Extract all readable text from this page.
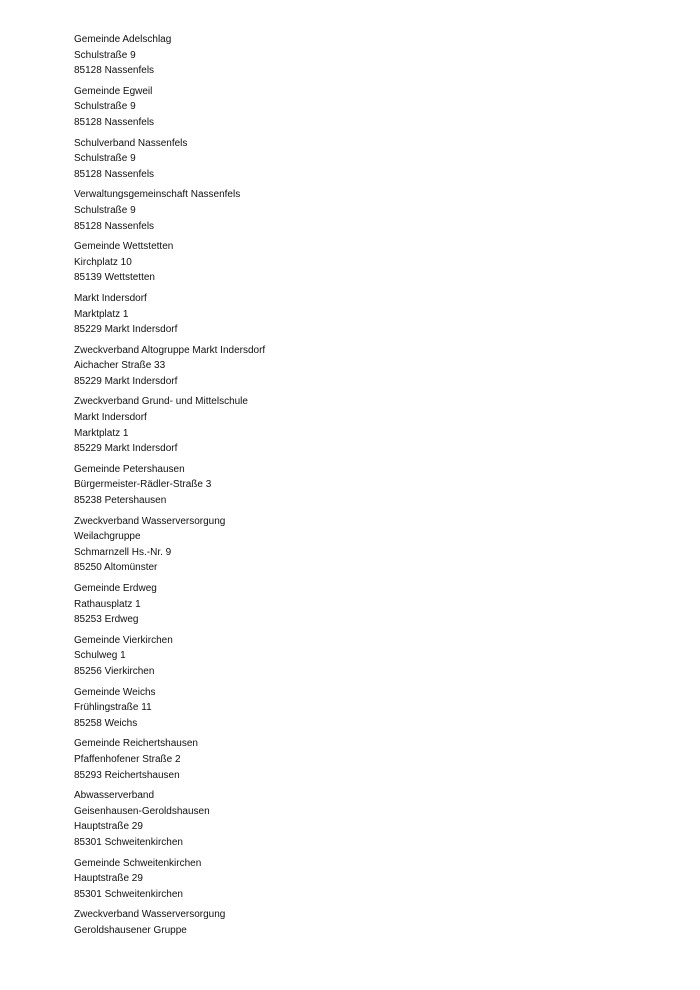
Gemeinde Adelschlag
Schulstraße 9
85128 Nassenfels
Gemeinde Egweil
Schulstraße 9
85128 Nassenfels
Schulverband Nassenfels
Schulstraße 9
85128 Nassenfels
Verwaltungsgemeinschaft Nassenfels
Schulstraße 9
85128 Nassenfels
Gemeinde Wettstetten
Kirchplatz 10
85139 Wettstetten
Markt Indersdorf
Marktplatz 1
85229 Markt Indersdorf
Zweckverband Altogruppe Markt Indersdorf
Aichacher Straße 33
85229 Markt Indersdorf
Zweckverband Grund- und Mittelschule
Markt Indersdorf
Marktplatz 1
85229 Markt Indersdorf
Gemeinde Petershausen
Bürgermeister-Rädler-Straße 3
85238 Petershausen
Zweckverband Wasserversorgung
Weilachgruppe
Schmarnzell Hs.-Nr. 9
85250 Altomünster
Gemeinde Erdweg
Rathausplatz 1
85253 Erdweg
Gemeinde Vierkirchen
Schulweg 1
85256 Vierkirchen
Gemeinde Weichs
Frühlingstraße 11
85258 Weichs
Gemeinde Reichertshausen
Pfaffenhofener Straße 2
85293 Reichertshausen
Abwasserverband
Geisenhausen-Geroldshausen
Hauptstraße 29
85301 Schweitenkirchen
Gemeinde Schweitenkirchen
Hauptstraße 29
85301 Schweitenkirchen
Zweckverband Wasserversorgung
Geroldshausener Gruppe
